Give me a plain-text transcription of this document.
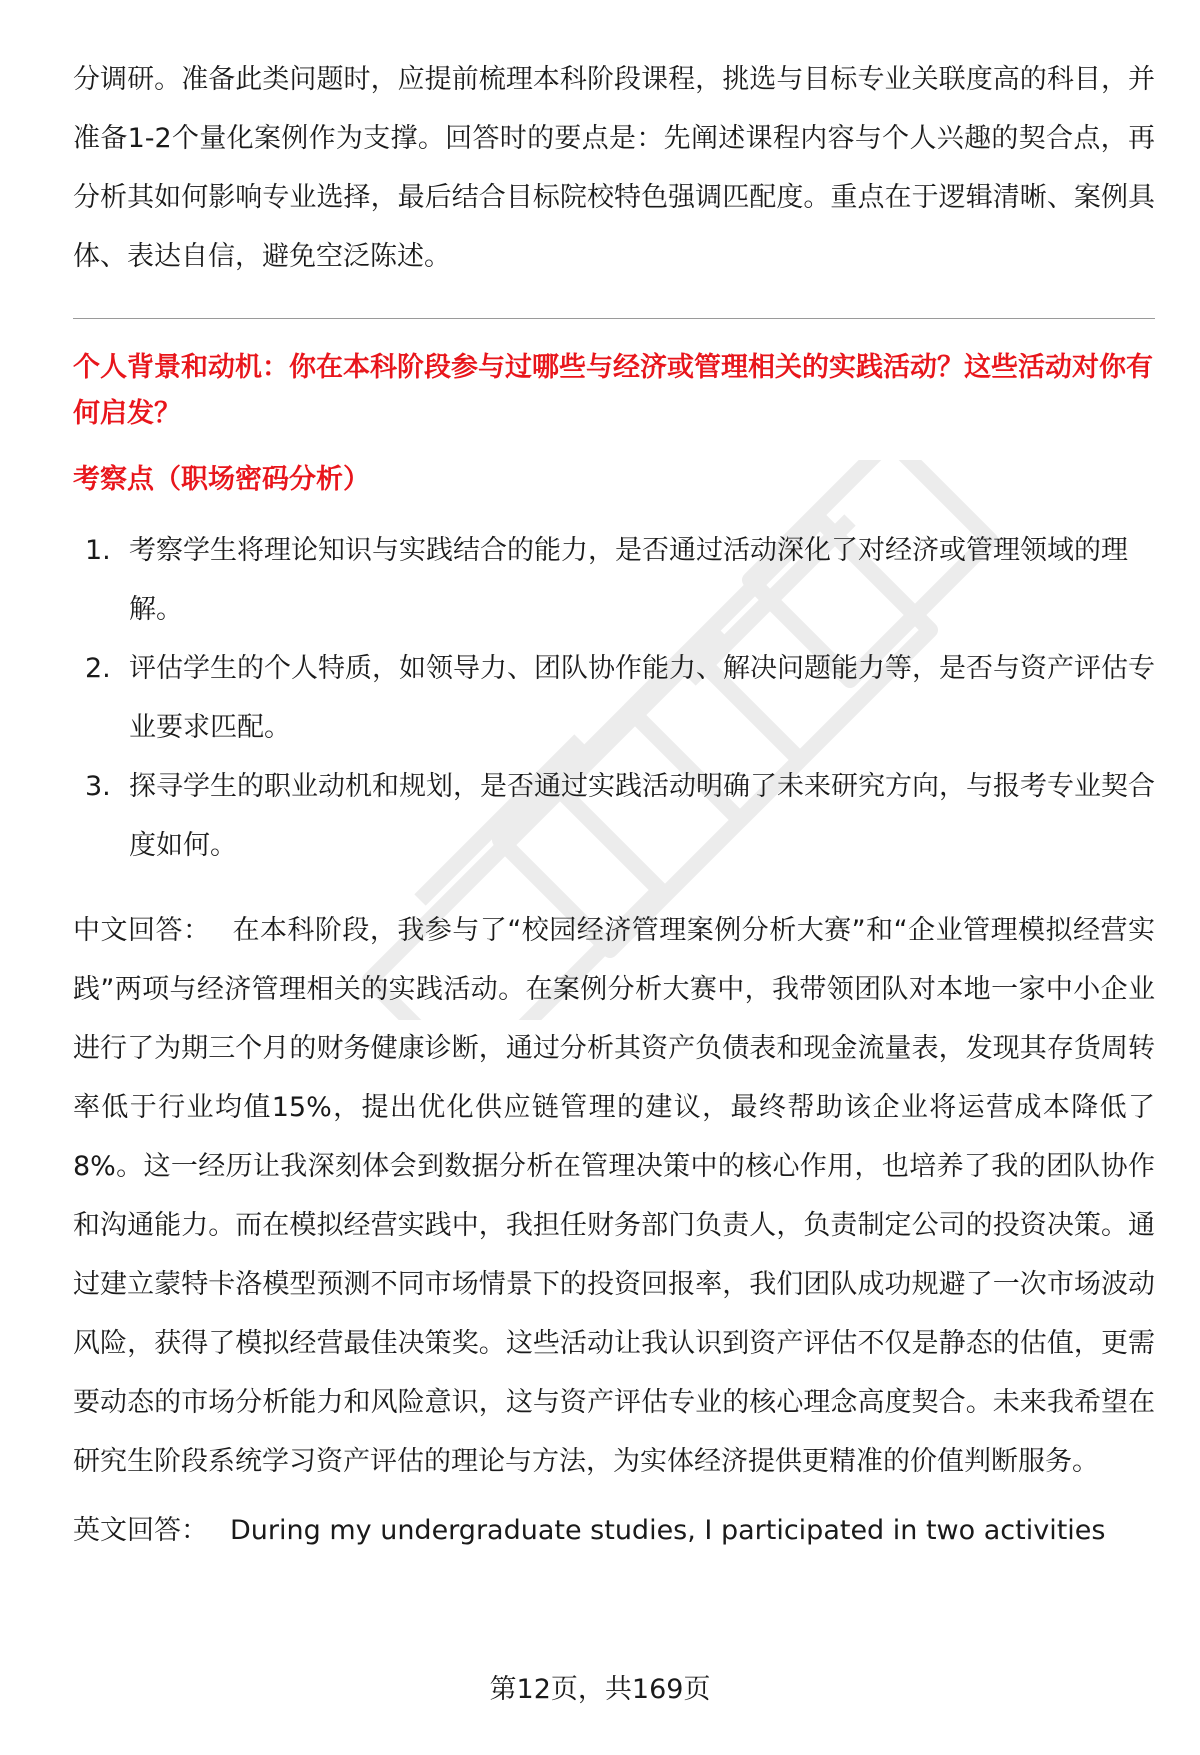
分调研。准备此类问题时，应提前梳理本科阶段课程，挑选与目标专业关联度高的科目，并准备1-2个量化案例作为支撑。回答时的要点是：先阐述课程内容与个人兴趣的契合点，再分析其如何影响专业选择，最后结合目标院校特色强调匹配度。重点在于逻辑清晰、案例具体、表达自信，避免空泛陈述。

个人背景和动机：你在本科阶段参与过哪些与经济或管理相关的实践活动？这些活动对你有何启发？

考察点（职场密码分析）

1. 考察学生将理论知识与实践结合的能力，是否通过活动深化了对经济或管理领域的理解。
2. 评估学生的个人特质，如领导力、团队协作能力、解决问题能力等，是否与资产评估专业要求匹配。
3. 探寻学生的职业动机和规划，是否通过实践活动明确了未来研究方向，与报考专业契合度如何。

中文回答： 在本科阶段，我参与了“校园经济管理案例分析大赛”和“企业管理模拟经营实践”两项与经济管理相关的实践活动。在案例分析大赛中，我带领团队对本地一家中小企业进行了为期三个月的财务健康诊断，通过分析其资产负债表和现金流量表，发现其存货周转率低于行业均值15%，提出优化供应链管理的建议，最终帮助该企业将运营成本降低了8%。这一经历让我深刻体会到数据分析在管理决策中的核心作用，也培养了我的团队协作和沟通能力。而在模拟经营实践中，我担任财务部门负责人，负责制定公司的投资决策。通过建立蒙特卡洛模型预测不同市场情景下的投资回报率，我们团队成功规避了一次市场波动风险，获得了模拟经营最佳决策奖。这些活动让我认识到资产评估不仅是静态的估值，更需要动态的市场分析能力和风险意识，这与资产评估专业的核心理念高度契合。未来我希望在研究生阶段系统学习资产评估的理论与方法，为实体经济提供更精准的价值判断服务。

英文回答： During my undergraduate studies, I participated in two activities

第12页，共169页
